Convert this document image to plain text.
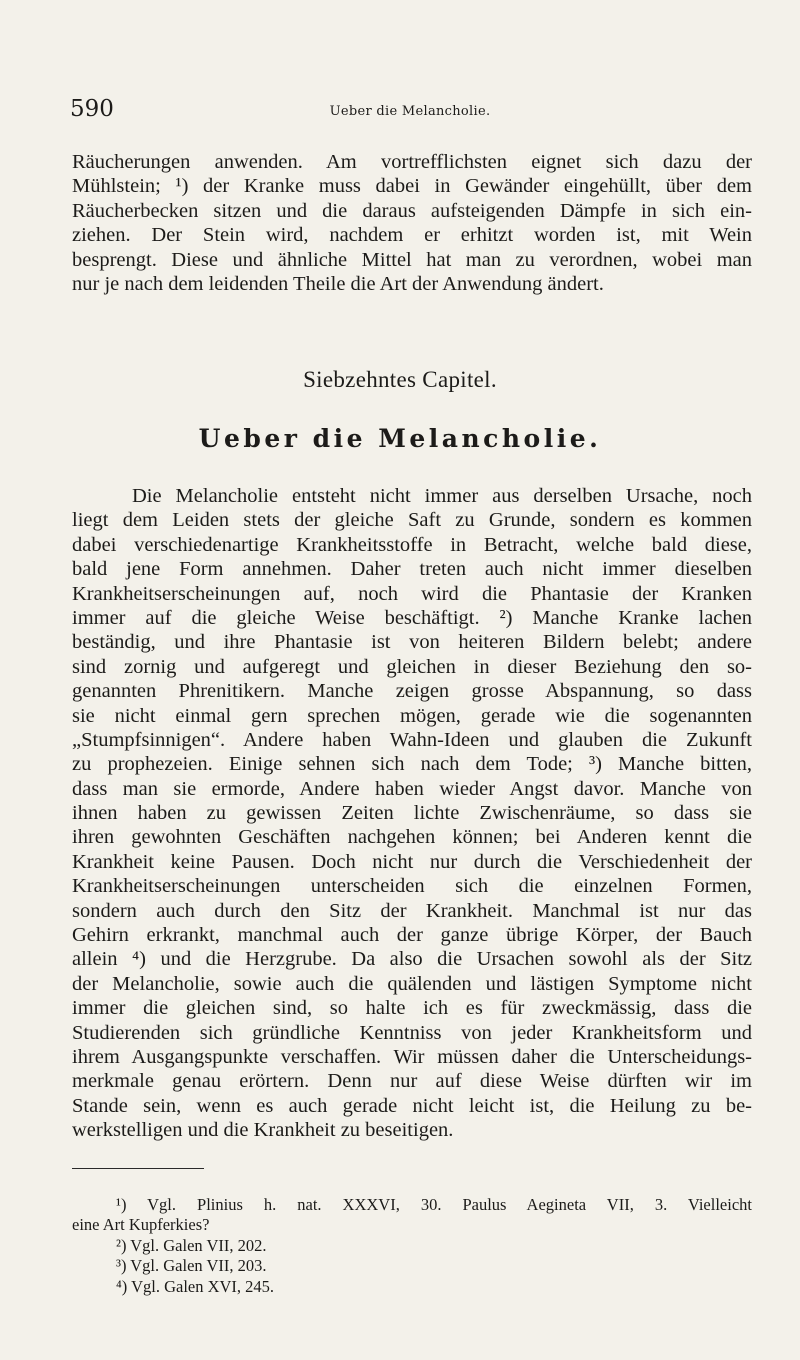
590	Ueber die Melancholie.
Räucherungen anwenden. Am vortrefflichsten eignet sich dazu der
Mühlstein; ¹) der Kranke muss dabei in Gewänder eingehüllt, über dem
Räucherbecken sitzen und die daraus aufsteigenden Dämpfe in sich ein-
ziehen. Der Stein wird, nachdem er erhitzt worden ist, mit Wein
besprengt. Diese und ähnliche Mittel hat man zu verordnen, wobei man
nur je nach dem leidenden Theile die Art der Anwendung ändert.
Siebzehntes Capitel.
Ueber die Melancholie.
Die Melancholie entsteht nicht immer aus derselben Ursache, noch
liegt dem Leiden stets der gleiche Saft zu Grunde, sondern es kommen
dabei verschiedenartige Krankheitsstoffe in Betracht, welche bald diese,
bald jene Form annehmen. Daher treten auch nicht immer dieselben
Krankheitserscheinungen auf, noch wird die Phantasie der Kranken
immer auf die gleiche Weise beschäftigt. ²) Manche Kranke lachen
beständig, und ihre Phantasie ist von heiteren Bildern belebt; andere
sind zornig und aufgeregt und gleichen in dieser Beziehung den so-
genannten Phrenitikern. Manche zeigen grosse Abspannung, so dass
sie nicht einmal gern sprechen mögen, gerade wie die sogenannten
„Stumpfsinnigen“. Andere haben Wahn-Ideen und glauben die Zukunft
zu prophezeien. Einige sehnen sich nach dem Tode; ³) Manche bitten,
dass man sie ermorde, Andere haben wieder Angst davor. Manche von
ihnen haben zu gewissen Zeiten lichte Zwischenräume, so dass sie
ihren gewohnten Geschäften nachgehen können; bei Anderen kennt die
Krankheit keine Pausen. Doch nicht nur durch die Verschiedenheit der
Krankheitserscheinungen unterscheiden sich die einzelnen Formen,
sondern auch durch den Sitz der Krankheit. Manchmal ist nur das
Gehirn erkrankt, manchmal auch der ganze übrige Körper, der Bauch
allein ⁴) und die Herzgrube. Da also die Ursachen sowohl als der Sitz
der Melancholie, sowie auch die quälenden und lästigen Symptome nicht
immer die gleichen sind, so halte ich es für zweckmässig, dass die
Studierenden sich gründliche Kenntniss von jeder Krankheitsform und
ihrem Ausgangspunkte verschaffen. Wir müssen daher die Unterscheidungs-
merkmale genau erörtern. Denn nur auf diese Weise dürften wir im
Stande sein, wenn es auch gerade nicht leicht ist, die Heilung zu be-
werkstelligen und die Krankheit zu beseitigen.
¹) Vgl. Plinius h. nat. XXXVI, 30. Paulus Aegineta VII, 3. Vielleicht
eine Art Kupferkies?
²) Vgl. Galen VII, 202.
³) Vgl. Galen VII, 203.
⁴) Vgl. Galen XVI, 245.
